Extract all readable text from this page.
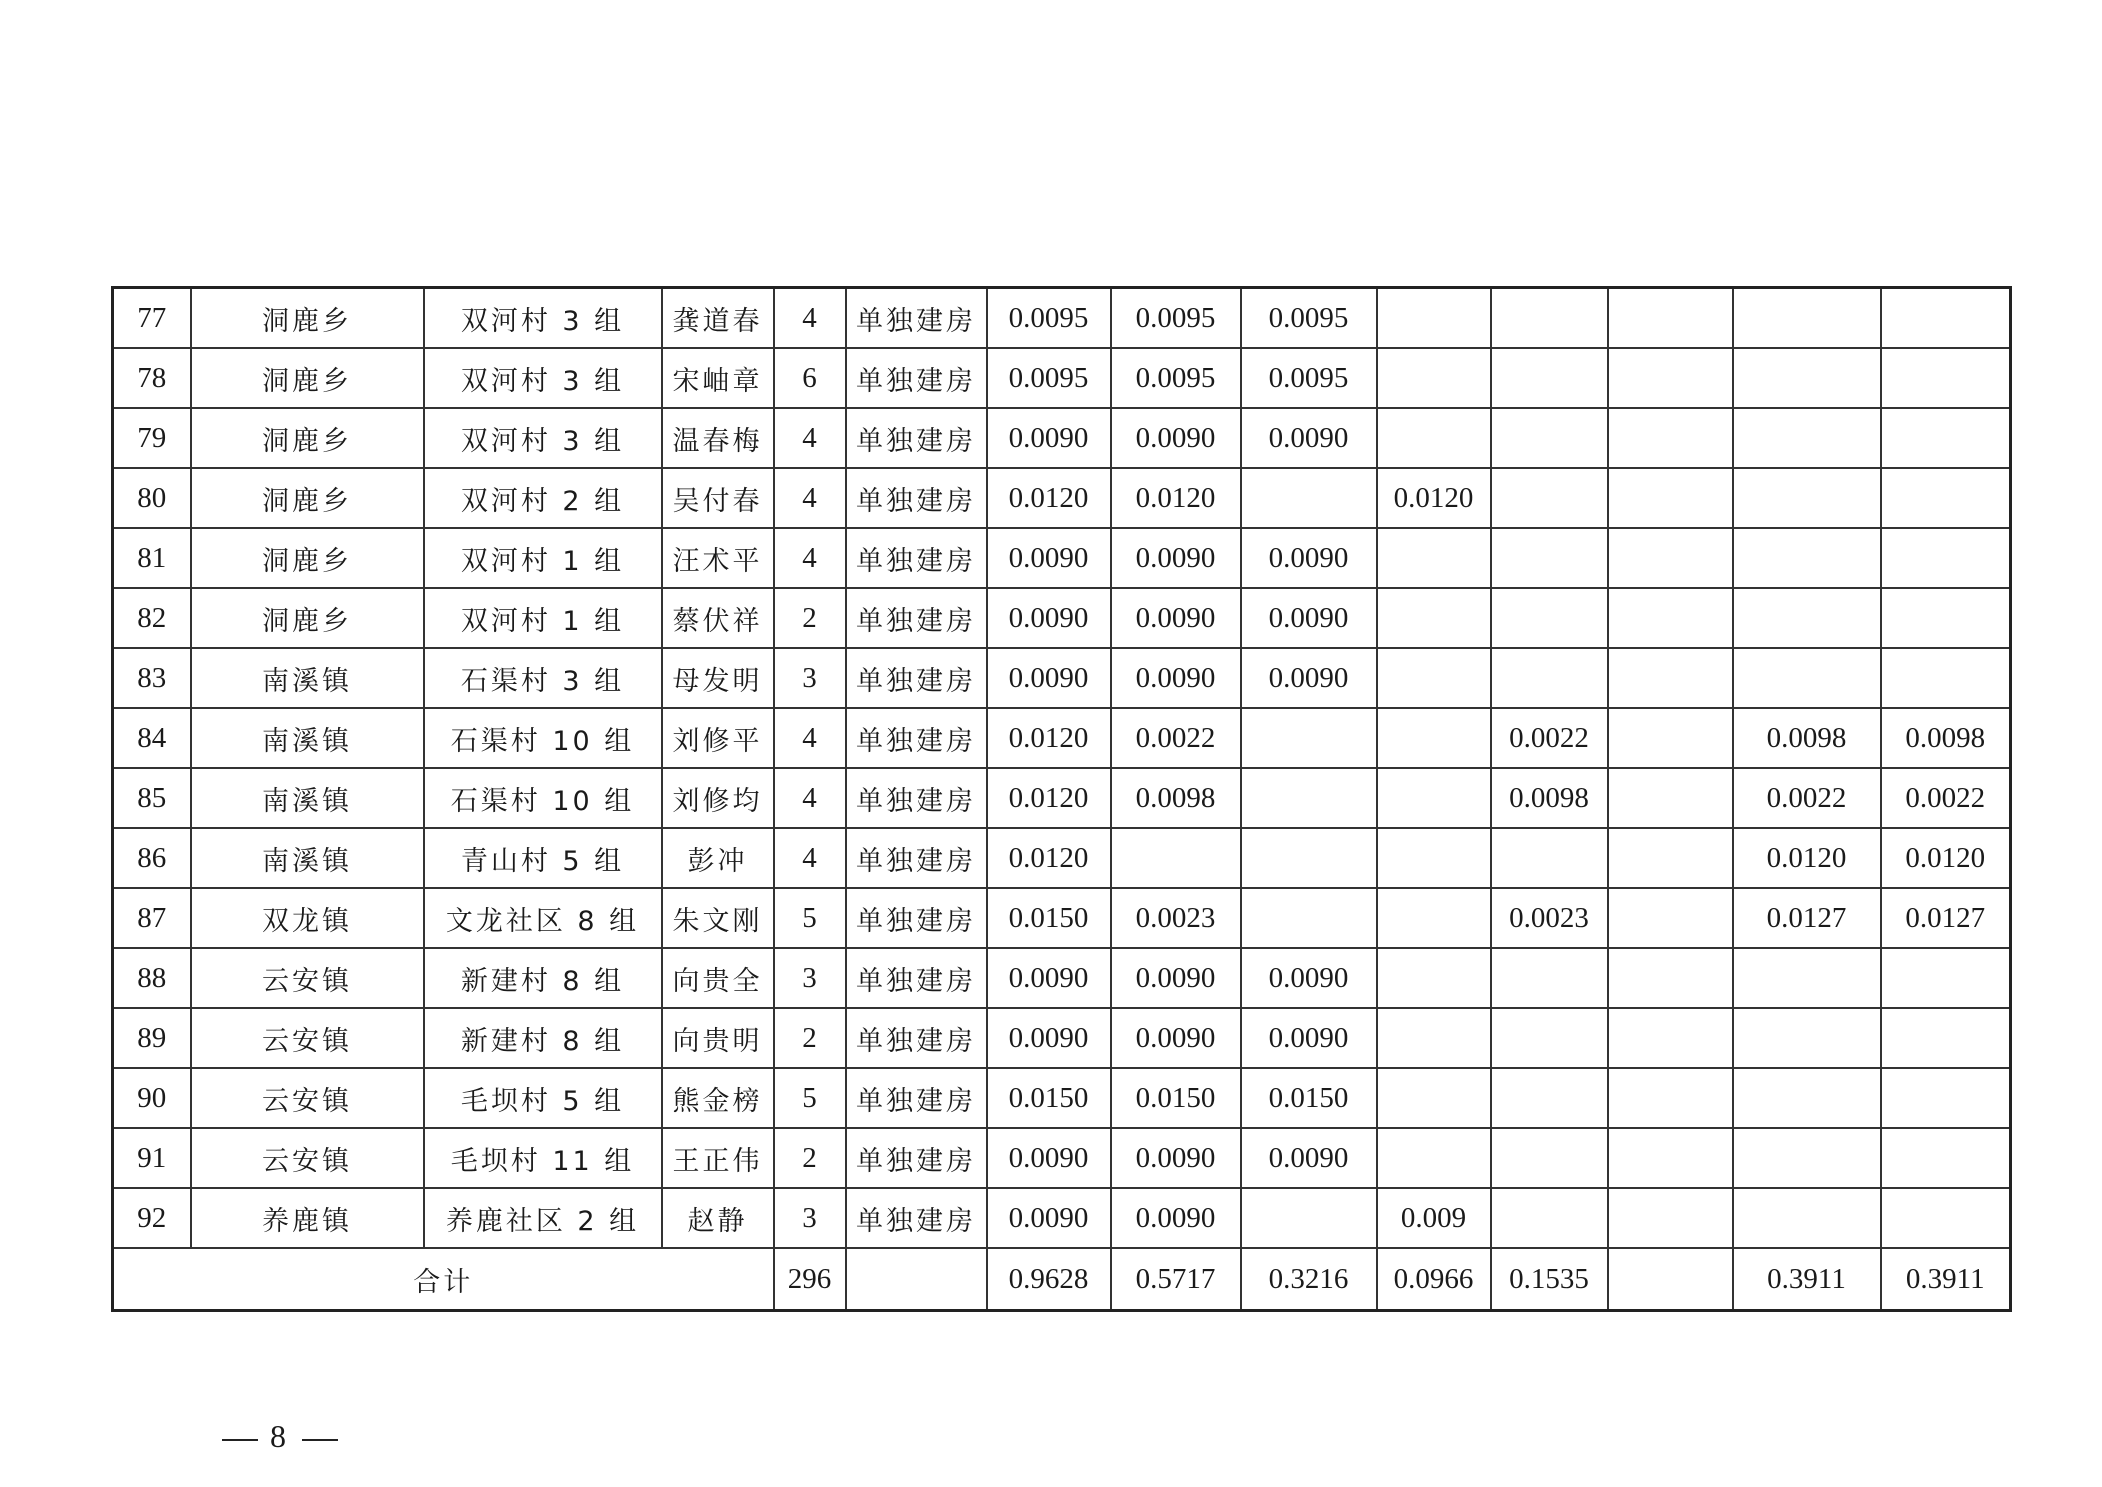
77	洞鹿乡	双河村 3 组	龚道春	4	单独建房	0.0095	0.0095	0.0095					
78	洞鹿乡	双河村 3 组	宋岫章	6	单独建房	0.0095	0.0095	0.0095					
79	洞鹿乡	双河村 3 组	温春梅	4	单独建房	0.0090	0.0090	0.0090					
80	洞鹿乡	双河村 2 组	吴付春	4	单独建房	0.0120	0.0120		0.0120				
81	洞鹿乡	双河村 1 组	汪术平	4	单独建房	0.0090	0.0090	0.0090					
82	洞鹿乡	双河村 1 组	蔡伏祥	2	单独建房	0.0090	0.0090	0.0090					
83	南溪镇	石渠村 3 组	母发明	3	单独建房	0.0090	0.0090	0.0090					
84	南溪镇	石渠村 10 组	刘修平	4	单独建房	0.0120	0.0022			0.0022		0.0098	0.0098
85	南溪镇	石渠村 10 组	刘修均	4	单独建房	0.0120	0.0098			0.0098		0.0022	0.0022
86	南溪镇	青山村 5 组	彭冲	4	单独建房	0.0120						0.0120	0.0120
87	双龙镇	文龙社区 8 组	朱文刚	5	单独建房	0.0150	0.0023			0.0023		0.0127	0.0127
88	云安镇	新建村 8 组	向贵全	3	单独建房	0.0090	0.0090	0.0090					
89	云安镇	新建村 8 组	向贵明	2	单独建房	0.0090	0.0090	0.0090					
90	云安镇	毛坝村 5 组	熊金榜	5	单独建房	0.0150	0.0150	0.0150					
91	云安镇	毛坝村 11 组	王正伟	2	单独建房	0.0090	0.0090	0.0090					
92	养鹿镇	养鹿社区 2 组	赵静	3	单独建房	0.0090	0.0090		0.009				
合计				296		0.9628	0.5717	0.3216	0.0966	0.1535		0.3911	0.3911
8
